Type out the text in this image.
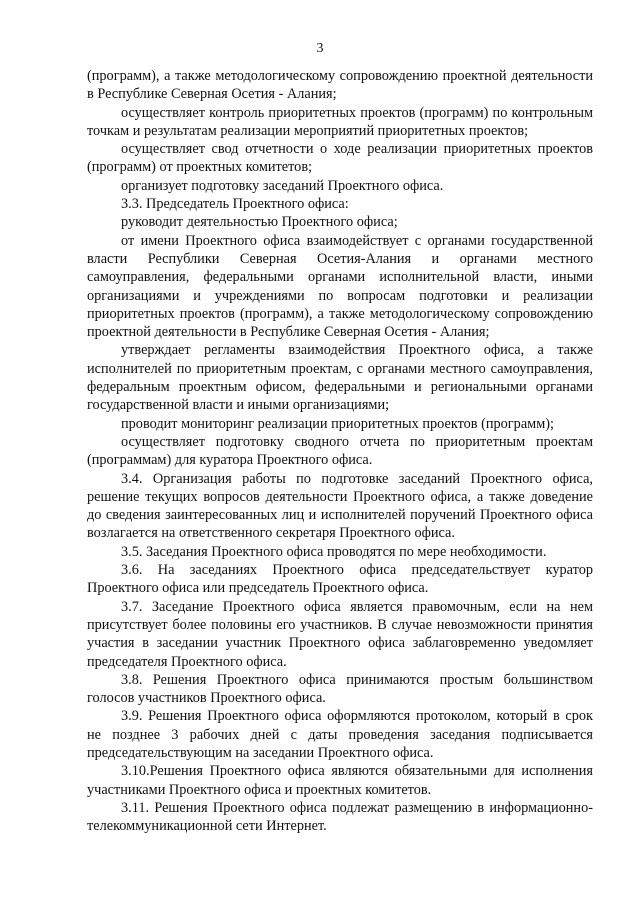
3

(программ), а также методологическому сопровождению проектной деятельности в Республике Северная Осетия - Алания;

осуществляет контроль приоритетных проектов (программ) по контрольным точкам и результатам реализации мероприятий приоритетных проектов;

осуществляет свод отчетности о ходе реализации приоритетных проектов (программ) от проектных комитетов;

организует подготовку заседаний Проектного офиса.

3.3. Председатель Проектного офиса:

руководит деятельностью Проектного офиса;

от имени Проектного офиса взаимодействует с органами государственной власти Республики Северная Осетия-Алания и органами местного самоуправления, федеральными органами исполнительной власти, иными организациями и учреждениями по вопросам подготовки и реализации приоритетных проектов (программ), а также методологическому сопровождению проектной деятельности в Республике Северная Осетия - Алания;

утверждает регламенты взаимодействия Проектного офиса, а также исполнителей по приоритетным проектам, с органами местного самоуправления, федеральным проектным офисом, федеральными и региональными органами государственной власти и иными организациями;

проводит мониторинг реализации приоритетных проектов (программ);

осуществляет подготовку сводного отчета по приоритетным проектам (программам) для куратора Проектного офиса.

3.4. Организация работы по подготовке заседаний Проектного офиса, решение текущих вопросов деятельности Проектного офиса, а также доведение до сведения заинтересованных лиц и исполнителей поручений Проектного офиса возлагается на ответственного секретаря Проектного офиса.

3.5. Заседания Проектного офиса проводятся по мере необходимости.

3.6. На заседаниях Проектного офиса председательствует куратор Проектного офиса или председатель Проектного офиса.

3.7. Заседание Проектного офиса является правомочным, если на нем присутствует более половины его участников. В случае невозможности принятия участия в заседании участник Проектного офиса заблаговременно уведомляет председателя Проектного офиса.

3.8. Решения Проектного офиса принимаются простым большинством голосов участников Проектного офиса.

3.9. Решения Проектного офиса оформляются протоколом, который в срок не позднее 3 рабочих дней с даты проведения заседания подписывается председательствующим на заседании Проектного офиса.

3.10.Решения Проектного офиса являются обязательными для исполнения участниками Проектного офиса и проектных комитетов.

3.11. Решения Проектного офиса подлежат размещению в информационно-телекоммуникационной сети Интернет.
